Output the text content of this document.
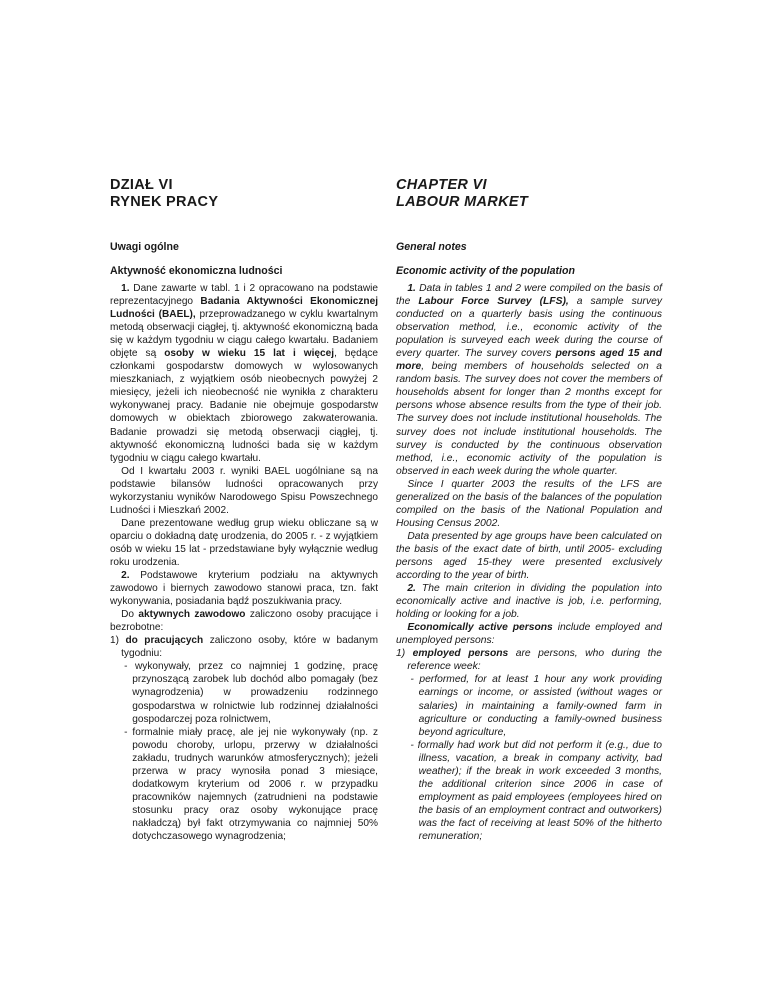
DZIAŁ VI
RYNEK PRACY
Uwagi ogólne
Aktywność ekonomiczna ludności

1. Dane zawarte w tabl. 1 i 2 opracowano na podstawie reprezentacyjnego Badania Aktywności Ekonomicznej Ludności (BAEL), przeprowadzanego w cyklu kwartalnym metodą obserwacji ciągłej, tj. aktywność ekonomiczną bada się w każdym tygodniu w ciągu całego kwartału. Badaniem objęte są osoby w wieku 15 lat i więcej, będące członkami gospodarstw domowych w wylosowanych mieszkaniach, z wyjątkiem osób nieobecnych powyżej 2 miesięcy, jeżeli ich nieobecność nie wynikła z charakteru wykonywanej pracy. Badanie nie obejmuje gospodarstw domowych w obiektach zbiorowego zakwaterowania. Badanie prowadzi się metodą obserwacji ciągłej, tj. aktywność ekonomiczną ludności bada się w każdym tygodniu w ciągu całego kwartału.

Od I kwartału 2003 r. wyniki BAEL uogólniane są na podstawie bilansów ludności opracowanych przy wykorzystaniu wyników Narodowego Spisu Powszechnego Ludności i Mieszkań 2002.

Dane prezentowane według grup wieku obliczane są w oparciu o dokładną datę urodzenia, do 2005 r. - z wyjątkiem osób w wieku 15 lat - przedstawiane były wyłącznie według roku urodzenia.

2. Podstawowe kryterium podziału na aktywnych zawodowo i biernych zawodowo stanowi praca, tzn. fakt wykonywania, posiadania bądź poszukiwania pracy.

Do aktywnych zawodowo zaliczono osoby pracujące i bezrobotne:

1) do pracujących zaliczono osoby, które w badanym tygodniu:

- wykonywały, przez co najmniej 1 godzinę, pracę przynoszącą zarobek lub dochód albo pomagały (bez wynagrodzenia) w prowadzeniu rodzinnego gospodarstwa w rolnictwie lub rodzinnej działalności gospodarczej poza rolnictwem,

- formalnie miały pracę, ale jej nie wykonywały (np. z powodu choroby, urlopu, przerwy w działalności zakładu, trudnych warunków atmosferycznych); jeżeli przerwa w pracy wynosiła ponad 3 miesiące, dodatkowym kryterium od 2006 r. w przypadku pracowników najemnych (zatrudnieni na podstawie stosunku pracy oraz osoby wykonujące pracę nakładczą) był fakt otrzymywania co najmniej 50% dotychczasowego wynagrodzenia;

CHAPTER VI
LABOUR MARKET
General notes
Economic activity of the population

1. Data in tables 1 and 2 were compiled on the basis of the Labour Force Survey (LFS), a sample survey conducted on a quarterly basis using the continuous observation method, i.e., economic activity of the population is surveyed each week during the course of every quarter. The survey covers persons aged 15 and more, being members of households selected on a random basis. The survey does not cover the members of households absent for longer than 2 months except for persons whose absence results from the type of their job. The survey does not include institutional households. The survey does not include institutional households. The survey is conducted by the continuous observation method, i.e., economic activity of the population is observed in each week during the whole quarter.

Since I quarter 2003 the results of the LFS are generalized on the basis of the balances of the population compiled on the basis of the National Population and Housing Census 2002.

Data presented by age groups have been calculated on the basis of the exact date of birth, until 2005- excluding persons aged 15-they were presented exclusively according to the year of birth.

2. The main criterion in dividing the population into economically active and inactive is job, i.e. performing, holding or looking for a job.

Economically active persons include employed and unemployed persons:

1) employed persons are persons, who during the reference week:

- performed, for at least 1 hour any work providing earnings or income, or assisted (without wages or salaries) in maintaining a family-owned farm in agriculture or conducting a family-owned business beyond agriculture,

- formally had work but did not perform it (e.g., due to illness, vacation, a break in company activity, bad weather); if the break in work exceeded 3 months, the additional criterion since 2006 in case of employment as paid employees (employees hired on the basis of an employment contract and outworkers) was the fact of receiving at least 50% of the hitherto remuneration;
